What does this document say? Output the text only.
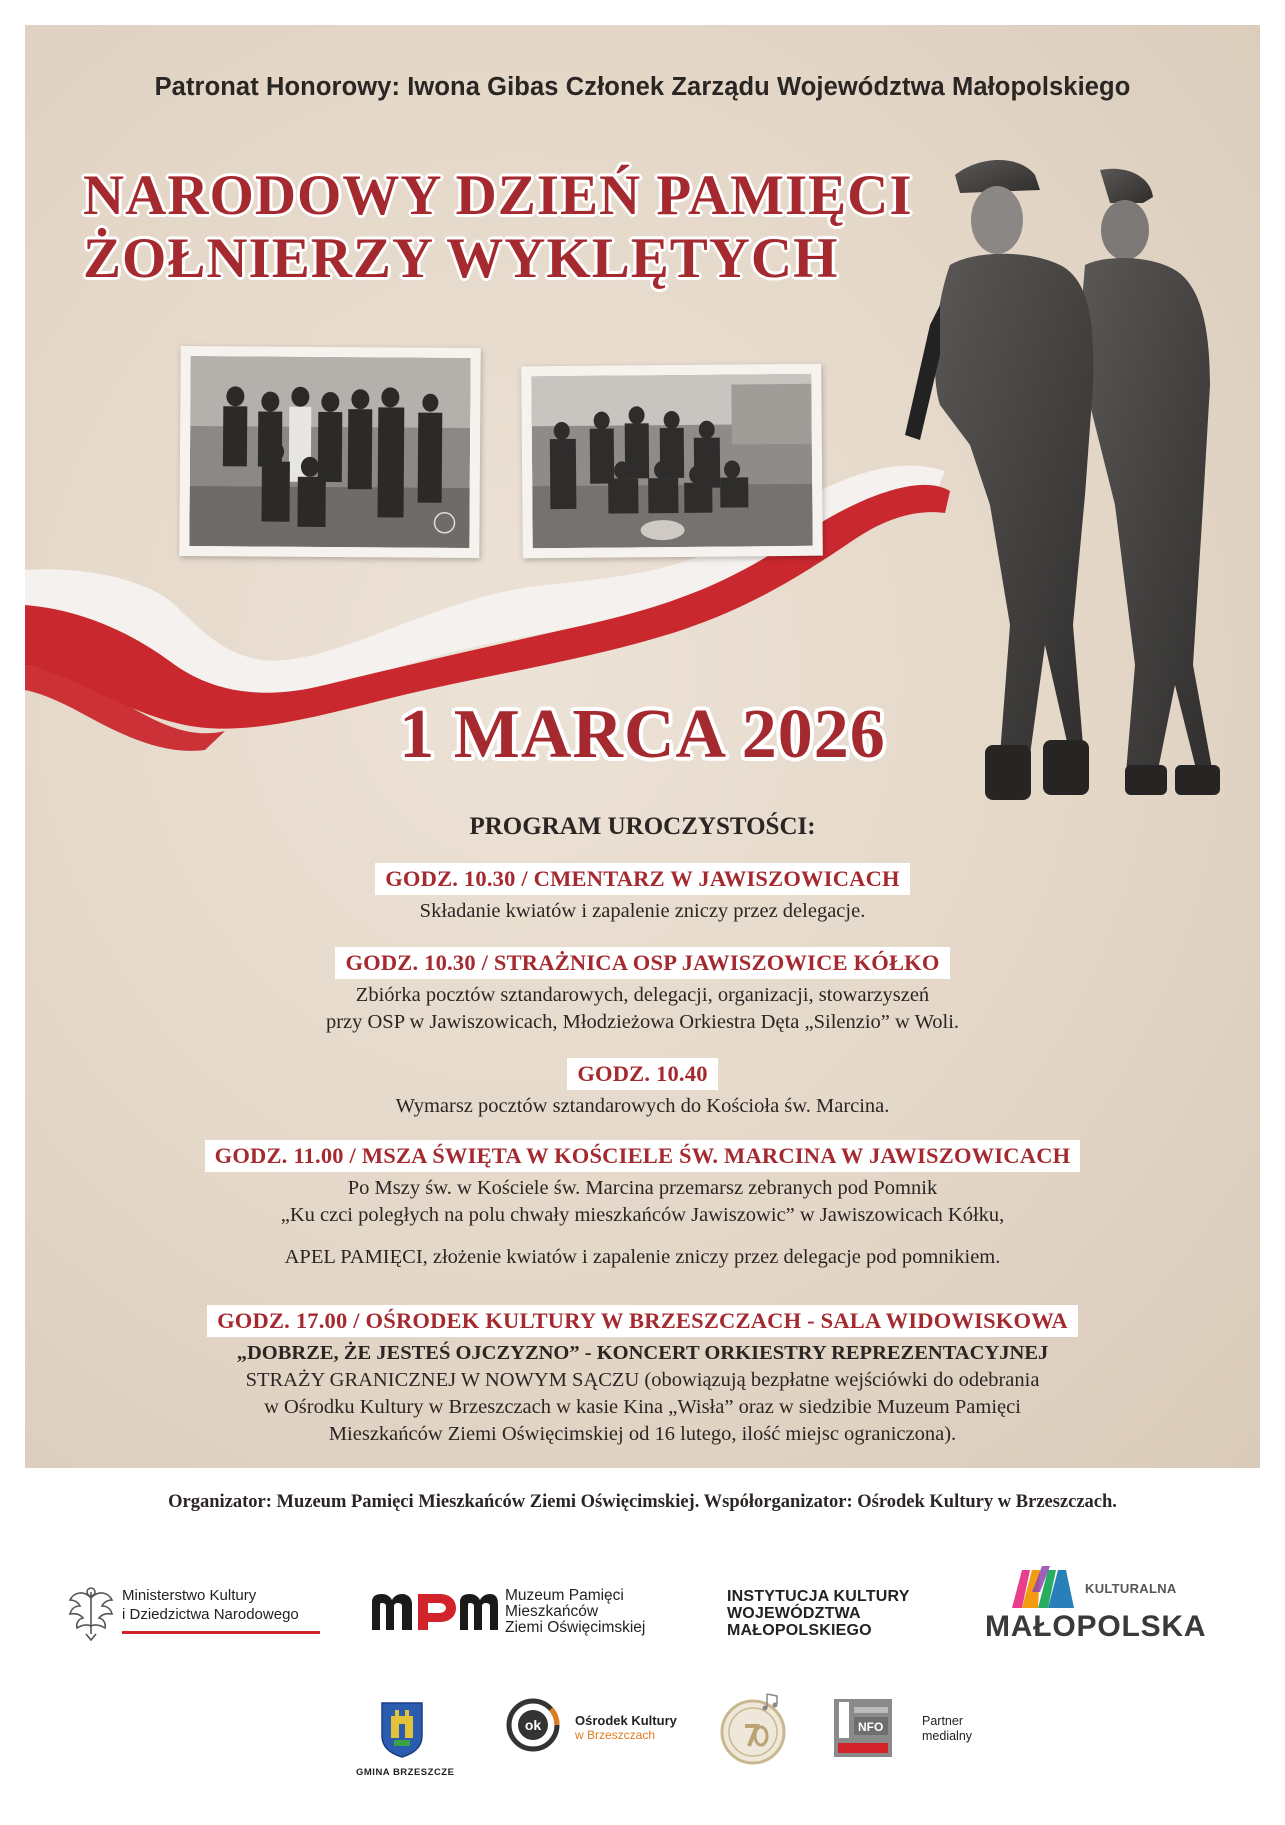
Patronat Honorowy: Iwona Gibas Członek Zarządu Województwa Małopolskiego
NARODOWY DZIEŃ PAMIĘCI
ŻOŁNIERZY WYKLĘTYCH
1 MARCA 2026
PROGRAM UROCZYSTOŚCI:
GODZ. 10.30 / CMENTARZ W JAWISZOWICACH
Składanie kwiatów i zapalenie zniczy przez delegacje.
GODZ. 10.30 / STRAŻNICA OSP JAWISZOWICE KÓŁKO
Zbiórka pocztów sztandarowych, delegacji, organizacji, stowarzyszeń
przy OSP w Jawiszowicach, Młodzieżowa Orkiestra Dęta „Silenzio” w Woli.
GODZ. 10.40
Wymarsz pocztów sztandarowych do Kościoła św. Marcina.
GODZ. 11.00 / MSZA ŚWIĘTA W KOŚCIELE ŚW. MARCINA W JAWISZOWICACH
Po Mszy św. w Kościele św. Marcina przemarsz zebranych pod Pomnik
„Ku czci poległych na polu chwały mieszkańców Jawiszowic” w Jawiszowicach Kółku,
APEL PAMIĘCI, złożenie kwiatów i zapalenie zniczy przez delegacje pod pomnikiem.
GODZ. 17.00 / OŚRODEK KULTURY W BRZESZCZACH - SALA WIDOWISKOWA
„DOBRZE, ŻE JESTEŚ OJCZYZNO” - KONCERT ORKIESTRY REPREZENTACYJNEJ
STRAŻY GRANICZNEJ W NOWYM SĄCZU (obowiązują bezpłatne wejściówki do odebrania
w Ośrodku Kultury w Brzeszczach w kasie Kina „Wisła” oraz w siedzibie Muzeum Pamięci
Mieszkańców Ziemi Oświęcimskiej od 16 lutego, ilość miejsc ograniczona).
Organizator: Muzeum Pamięci Mieszkańców Ziemi Oświęcimskiej. Współorganizator: Ośrodek Kultury w Brzeszczach.
Ministerstwo Kultury
i Dziedzictwa Narodowego
Muzeum Pamięci
Mieszkańców
Ziemi Oświęcimskiej
INSTYTUCJA KULTURY
WOJEWÓDZTWA
MAŁOPOLSKIEGO
KULTURALNA
MAŁOPOLSKA
GMINA BRZESZCZE
ok	Ośrodek Kultury
w Brzeszczach
NFO	Partner
medialny
